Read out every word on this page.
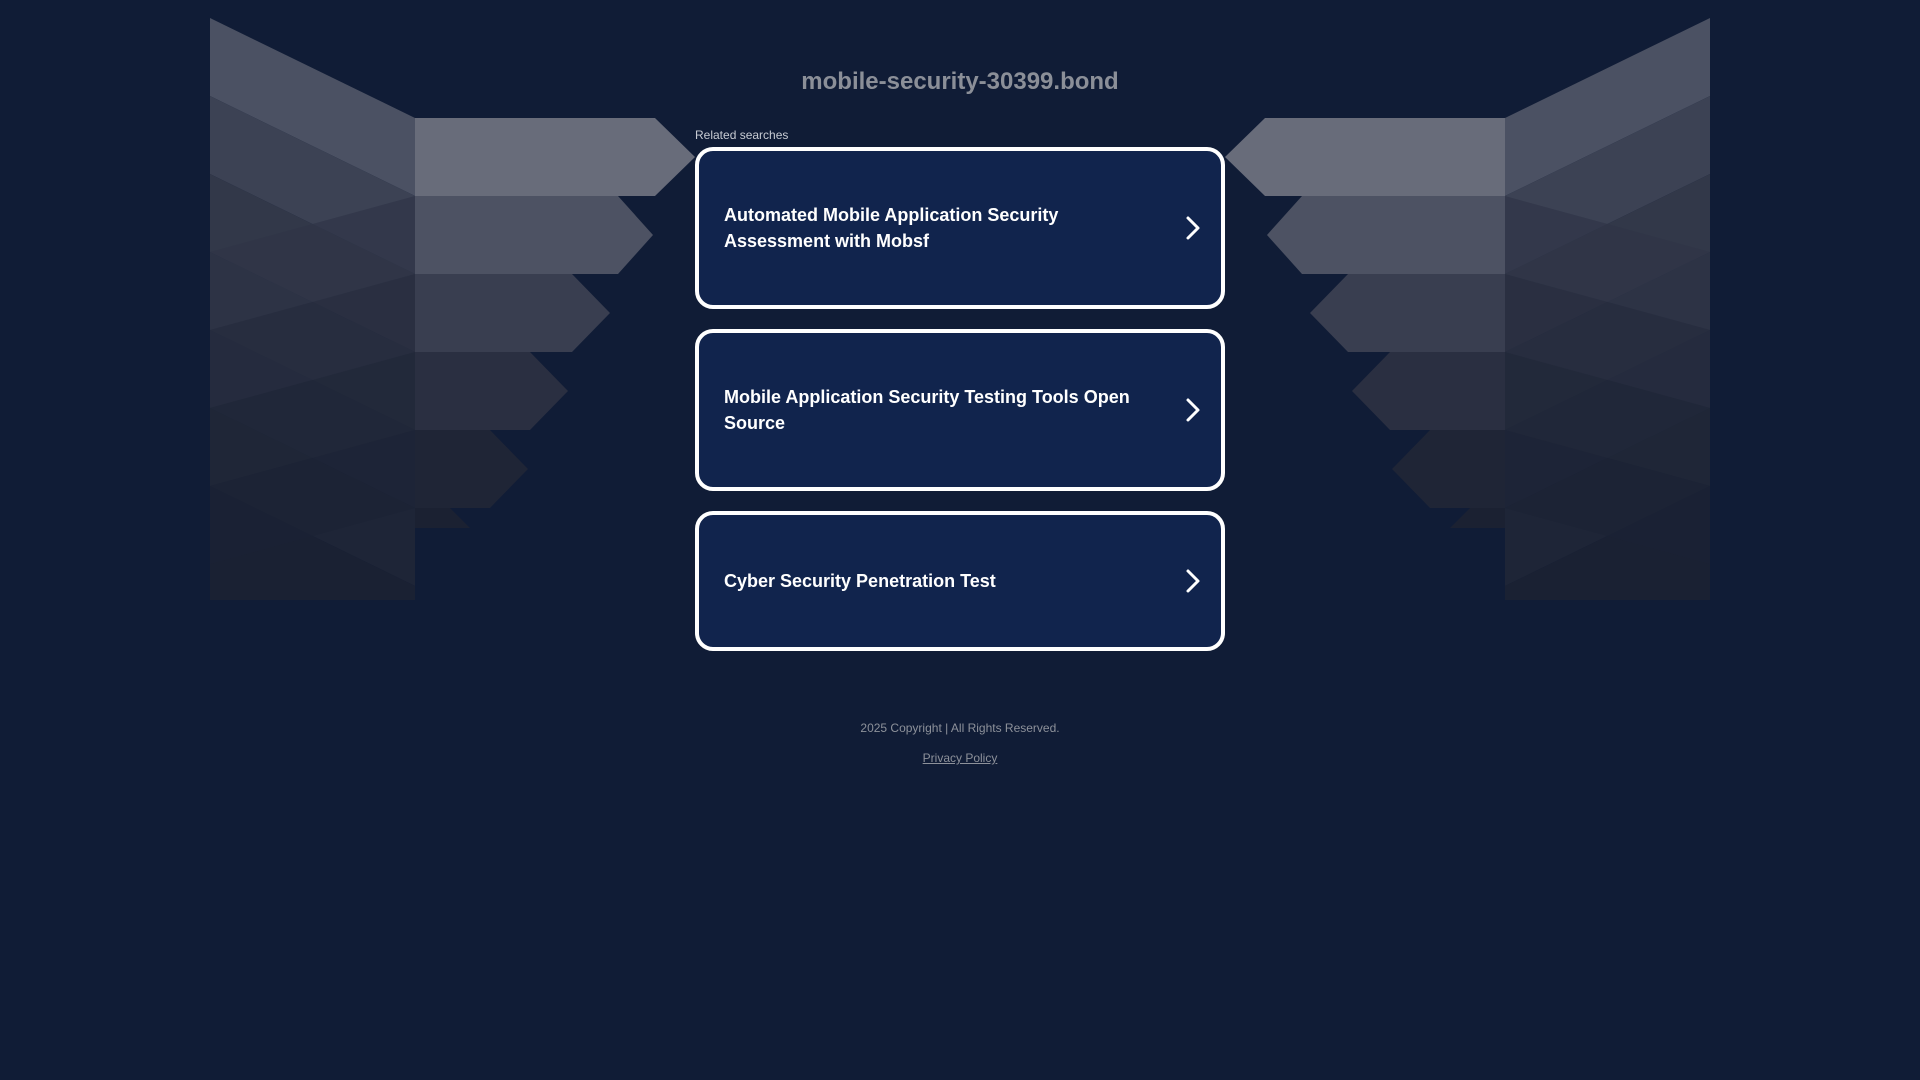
mobile-security-30399.bond
Related searches
Automated Mobile Application Security Assessment with Mobsf
Mobile Application Security Testing Tools Open Source
Cyber Security Penetration Test
2025 Copyright | All Rights Reserved.
Privacy Policy
